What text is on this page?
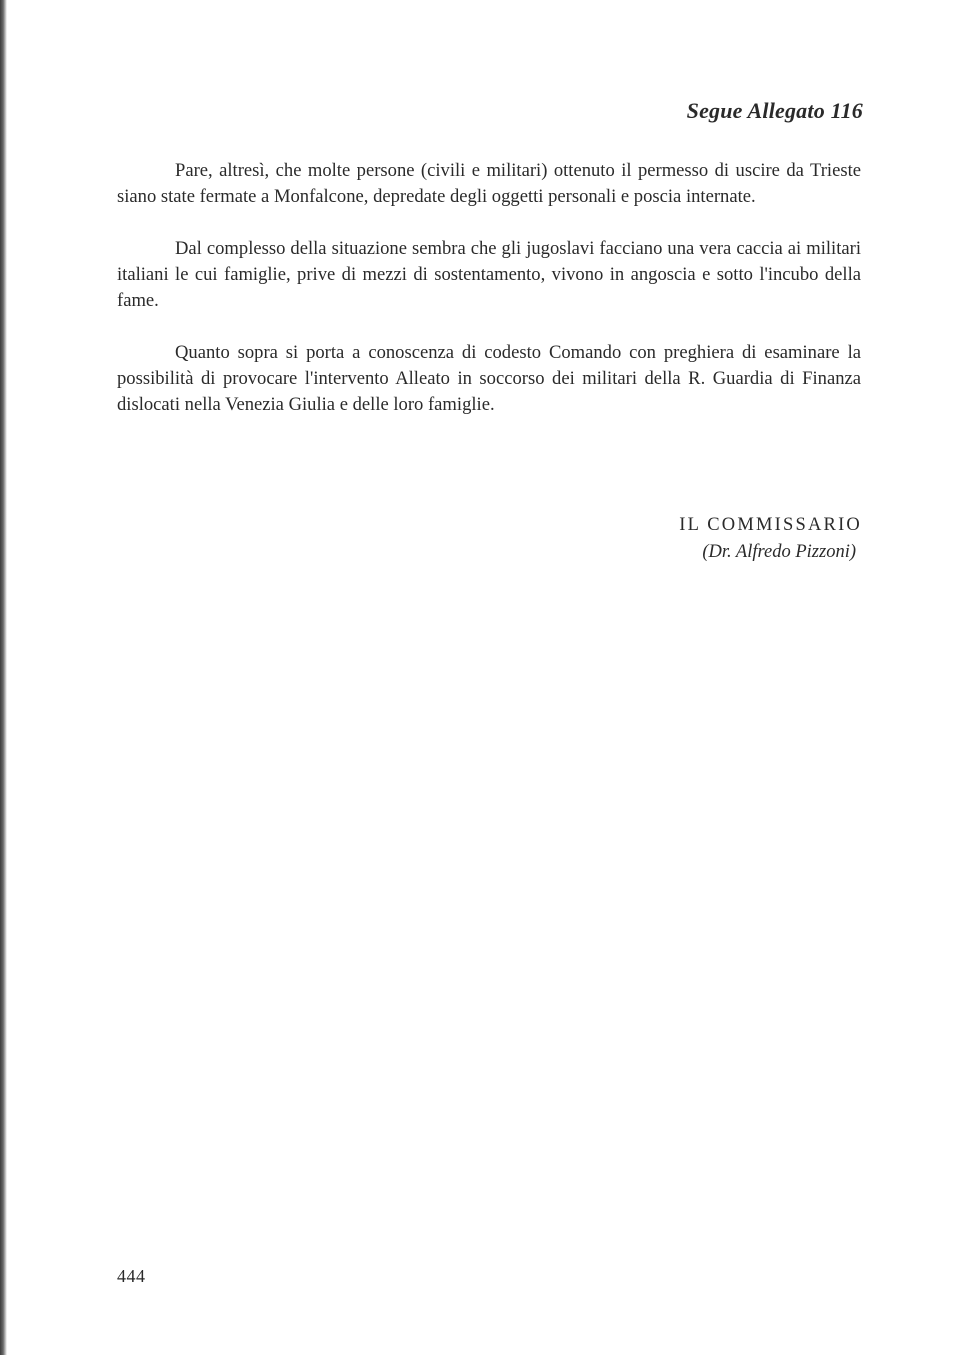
Segue Allegato 116

Pare, altresì, che molte persone (civili e militari) ottenuto il permesso di uscire da Trieste siano state fermate a Monfalcone, depredate degli oggetti personali e poscia internate.

Dal complesso della situazione sembra che gli jugoslavi facciano una vera caccia ai militari italiani le cui famiglie, prive di mezzi di sostentamento, vivono in angoscia e sotto l'incubo della fame.

Quanto sopra si porta a conoscenza di codesto Comando con preghiera di esaminare la possibilità di provocare l'intervento Alleato in soccorso dei militari della R. Guardia di Finanza dislocati nella Venezia Giulia e delle loro famiglie.

IL COMMISSARIO
(Dr. Alfredo Pizzoni)
444
